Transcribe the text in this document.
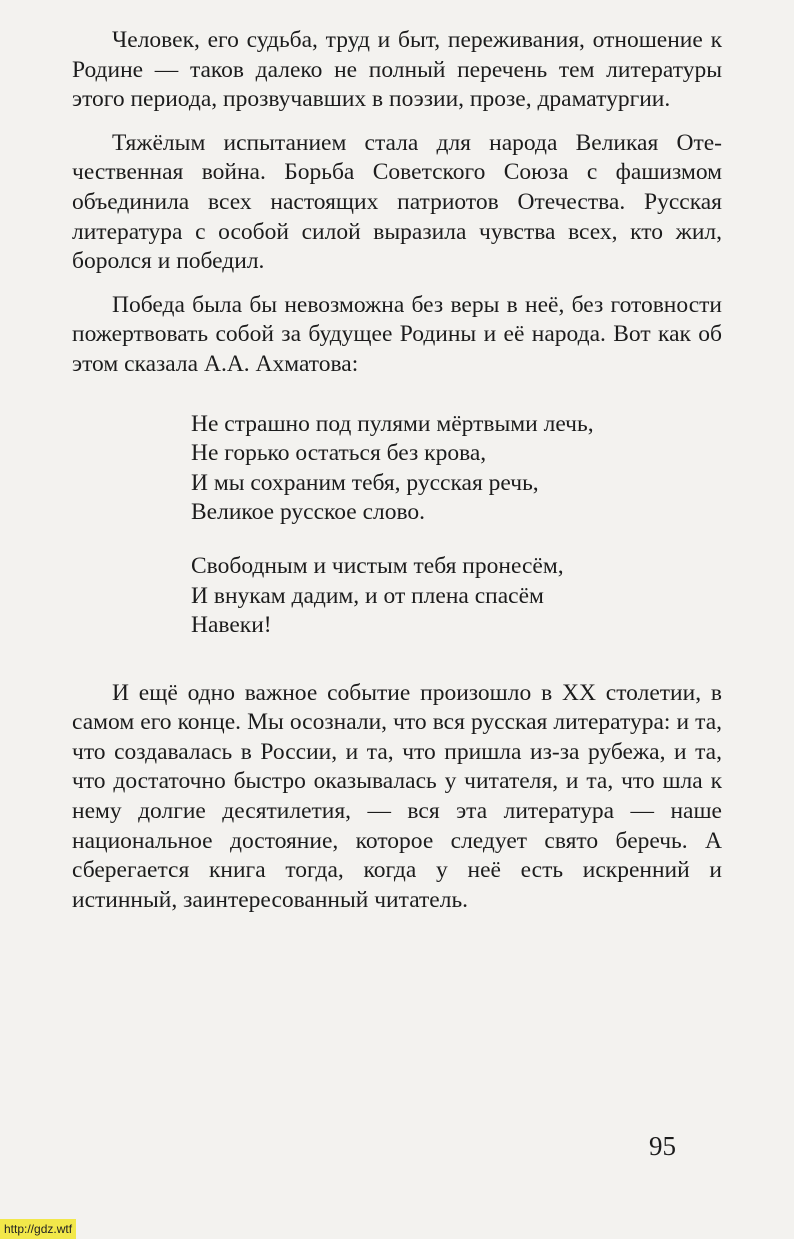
Человек, его судьба, труд и быт, переживания, отношение к Родине — таков далеко не полный перечень тем литературы этого периода, прозвучавших в поэзии, прозе, драматургии.

Тяжёлым испытанием стала для народа Великая Отечественная война. Борьба Советского Союза с фашизмом объединила всех настоящих патриотов Отечества. Русская литература с особой силой выразила чувства всех, кто жил, боролся и победил.

Победа была бы невозможна без веры в неё, без готовности пожертвовать собой за будущее Родины и её народа. Вот как об этом сказала А.А. Ахматова:

Не страшно под пулями мёртвыми лечь,
Не горько остаться без крова,
И мы сохраним тебя, русская речь,
Великое русское слово.
Свободным и чистым тебя пронесём,
И внукам дадим, и от плена спасём
Навеки!

И ещё одно важное событие произошло в XX столетии, в самом его конце. Мы осознали, что вся русская литература: и та, что создавалась в России, и та, что пришла из-за рубежа, и та, что достаточно быстро оказывалась у читателя, и та, что шла к нему долгие десятилетия, — вся эта литература — наше национальное достояние, которое следует свято беречь. А сберегается книга тогда, когда у неё есть искренний и истинный, заинтересованный читатель.

95
http://gdz.wtf
